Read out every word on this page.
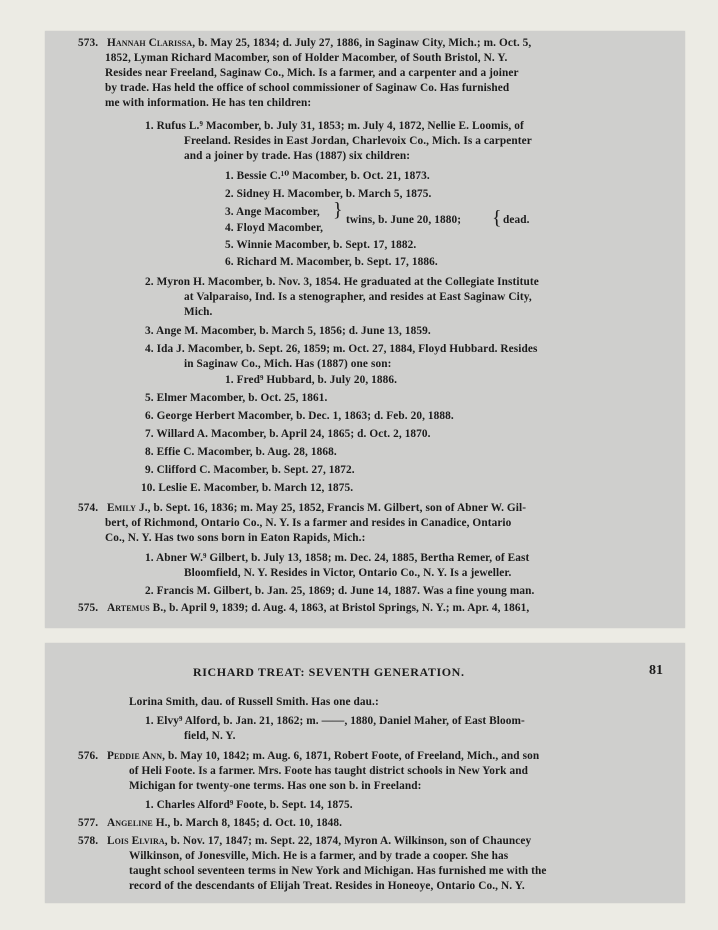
573. Hannah Clarissa, b. May 25, 1834; d. July 27, 1886, in Saginaw City, Mich.; m. Oct. 5,
1852, Lyman Richard Macomber, son of Holder Macomber, of South Bristol, N. Y.
Resides near Freeland, Saginaw Co., Mich. Is a farmer, and a carpenter and a joiner
by trade. Has held the office of school commissioner of Saginaw Co. Has furnished
me with information. He has ten children:
1. Rufus L.⁹ Macomber, b. July 31, 1853; m. July 4, 1872, Nellie E. Loomis, of
Freeland. Resides in East Jordan, Charlevoix Co., Mich. Is a carpenter
and a joiner by trade. Has (1887) six children:
1. Bessie C.¹⁰ Macomber, b. Oct. 21, 1873.
2. Sidney H. Macomber, b. March 5, 1875.
3. Ange Macomber,
4. Floyd Macomber,
} twins, b. June 20, 1880; { dead.
5. Winnie Macomber, b. Sept. 17, 1882.
6. Richard M. Macomber, b. Sept. 17, 1886.
2. Myron H. Macomber, b. Nov. 3, 1854. He graduated at the Collegiate Institute
at Valparaiso, Ind. Is a stenographer, and resides at East Saginaw City,
Mich.
3. Ange M. Macomber, b. March 5, 1856; d. June 13, 1859.
4. Ida J. Macomber, b. Sept. 26, 1859; m. Oct. 27, 1884, Floyd Hubbard. Resides
in Saginaw Co., Mich. Has (1887) one son:
1. Fred⁹ Hubbard, b. July 20, 1886.
5. Elmer Macomber, b. Oct. 25, 1861.
6. George Herbert Macomber, b. Dec. 1, 1863; d. Feb. 20, 1888.
7. Willard A. Macomber, b. April 24, 1865; d. Oct. 2, 1870.
8. Effie C. Macomber, b. Aug. 28, 1868.
9. Clifford C. Macomber, b. Sept. 27, 1872.
10. Leslie E. Macomber, b. March 12, 1875.
574. Emily J., b. Sept. 16, 1836; m. May 25, 1852, Francis M. Gilbert, son of Abner W. Gil-
bert, of Richmond, Ontario Co., N. Y. Is a farmer and resides in Canadice, Ontario
Co., N. Y. Has two sons born in Eaton Rapids, Mich.:
1. Abner W.⁹ Gilbert, b. July 13, 1858; m. Dec. 24, 1885, Bertha Remer, of East
Bloomfield, N. Y. Resides in Victor, Ontario Co., N. Y. Is a jeweller.
2. Francis M. Gilbert, b. Jan. 25, 1869; d. June 14, 1887. Was a fine young man.
575. Artemus B., b. April 9, 1839; d. Aug. 4, 1863, at Bristol Springs, N. Y.; m. Apr. 4, 1861,
RICHARD TREAT: SEVENTH GENERATION.	81
Lorina Smith, dau. of Russell Smith. Has one dau.:
1. Elvy⁹ Alford, b. Jan. 21, 1862; m. ——, 1880, Daniel Maher, of East Bloom-
field, N. Y.
576. Peddie Ann, b. May 10, 1842; m. Aug. 6, 1871, Robert Foote, of Freeland, Mich., and son
of Heli Foote. Is a farmer. Mrs. Foote has taught district schools in New York and
Michigan for twenty-one terms. Has one son b. in Freeland:
1. Charles Alford⁹ Foote, b. Sept. 14, 1875.
577. Angeline H., b. March 8, 1845; d. Oct. 10, 1848.
578. Lois Elvira, b. Nov. 17, 1847; m. Sept. 22, 1874, Myron A. Wilkinson, son of Chauncey
Wilkinson, of Jonesville, Mich. He is a farmer, and by trade a cooper. She has
taught school seventeen terms in New York and Michigan. Has furnished me with the
record of the descendants of Elijah Treat. Resides in Honeoye, Ontario Co., N. Y.
